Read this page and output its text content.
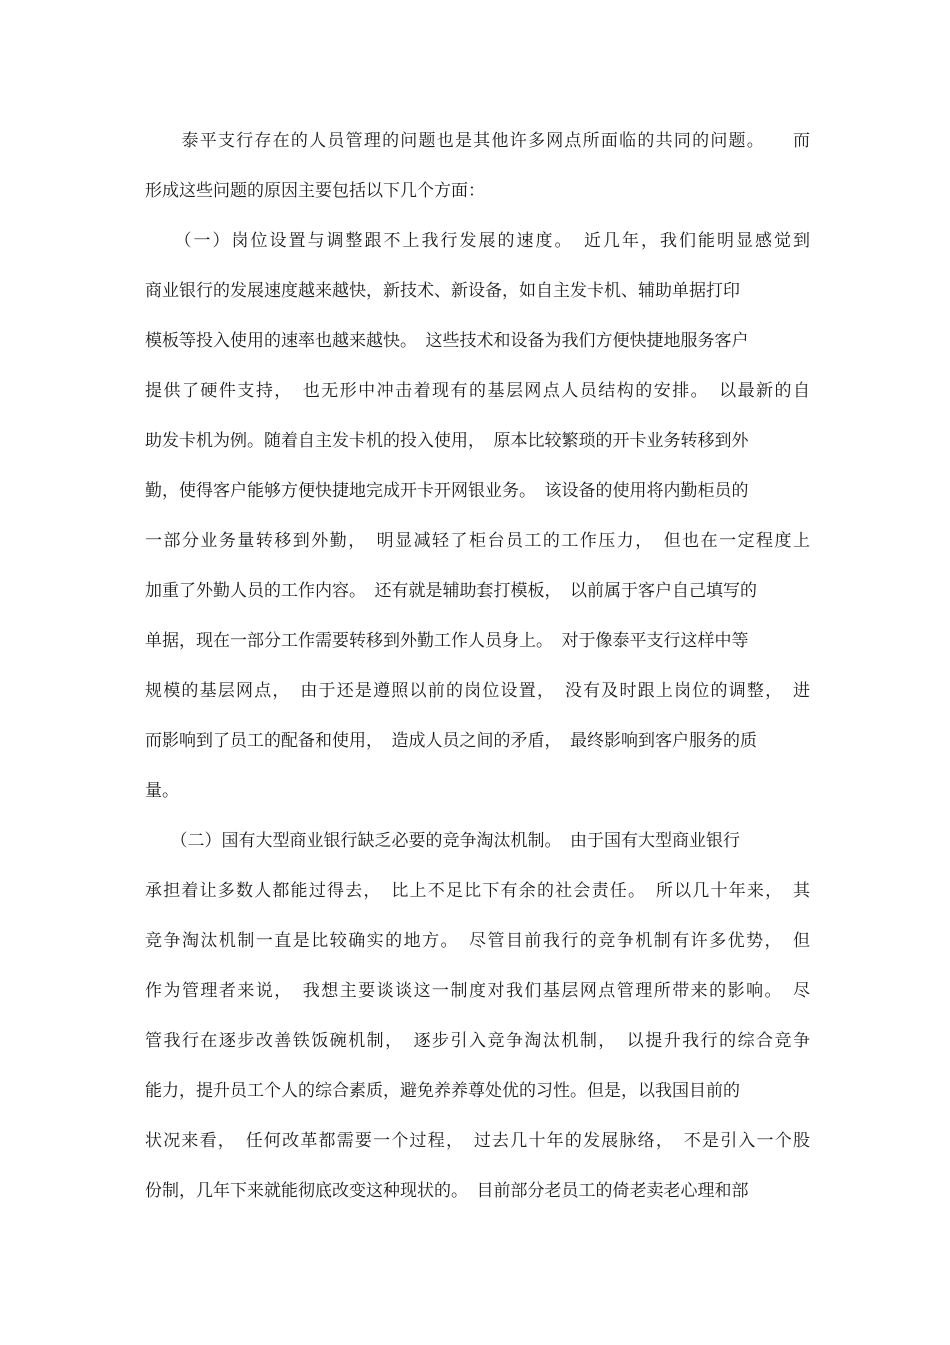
　　泰平支行存在的人员管理的问题也是其他许多网点所面临的共同的问题。　　而
形成这些问题的原因主要包括以下几个方面：
　　（一）岗位设置与调整跟不上我行发展的速度。　近几年，我们能明显感觉到
商业银行的发展速度越来越快，新技术、新设备，如自主发卡机、辅助单据打印
模板等投入使用的速率也越来越快。　这些技术和设备为我们方便快捷地服务客户
提供了硬件支持，　也无形中冲击着现有的基层网点人员结构的安排。　以最新的自
助发卡机为例。随着自主发卡机的投入使用，　原本比较繁琐的开卡业务转移到外
勤，使得客户能够方便快捷地完成开卡开网银业务。　该设备的使用将内勤柜员的
一部分业务量转移到外勤，　明显减轻了柜台员工的工作压力，　但也在一定程度上
加重了外勤人员的工作内容。　还有就是辅助套打模板，　以前属于客户自己填写的
单据，现在一部分工作需要转移到外勤工作人员身上。　对于像泰平支行这样中等
规模的基层网点，　由于还是遵照以前的岗位设置，　没有及时跟上岗位的调整，　进
而影响到了员工的配备和使用，　造成人员之间的矛盾，　最终影响到客户服务的质
量。
　　（二）国有大型商业银行缺乏必要的竞争淘汰机制。　由于国有大型商业银行
承担着让多数人都能过得去，　比上不足比下有余的社会责任。　所以几十年来，　其
竞争淘汰机制一直是比较确实的地方。　尽管目前我行的竞争机制有许多优势，　但
作为管理者来说，　我想主要谈谈这一制度对我们基层网点管理所带来的影响。　尽
管我行在逐步改善铁饭碗机制，　逐步引入竞争淘汰机制，　以提升我行的综合竞争
能力，提升员工个人的综合素质，避免养养尊处优的习性。但是，以我国目前的
状况来看，　任何改革都需要一个过程，　过去几十年的发展脉络，　不是引入一个股
份制，几年下来就能彻底改变这种现状的。　目前部分老员工的倚老卖老心理和部
